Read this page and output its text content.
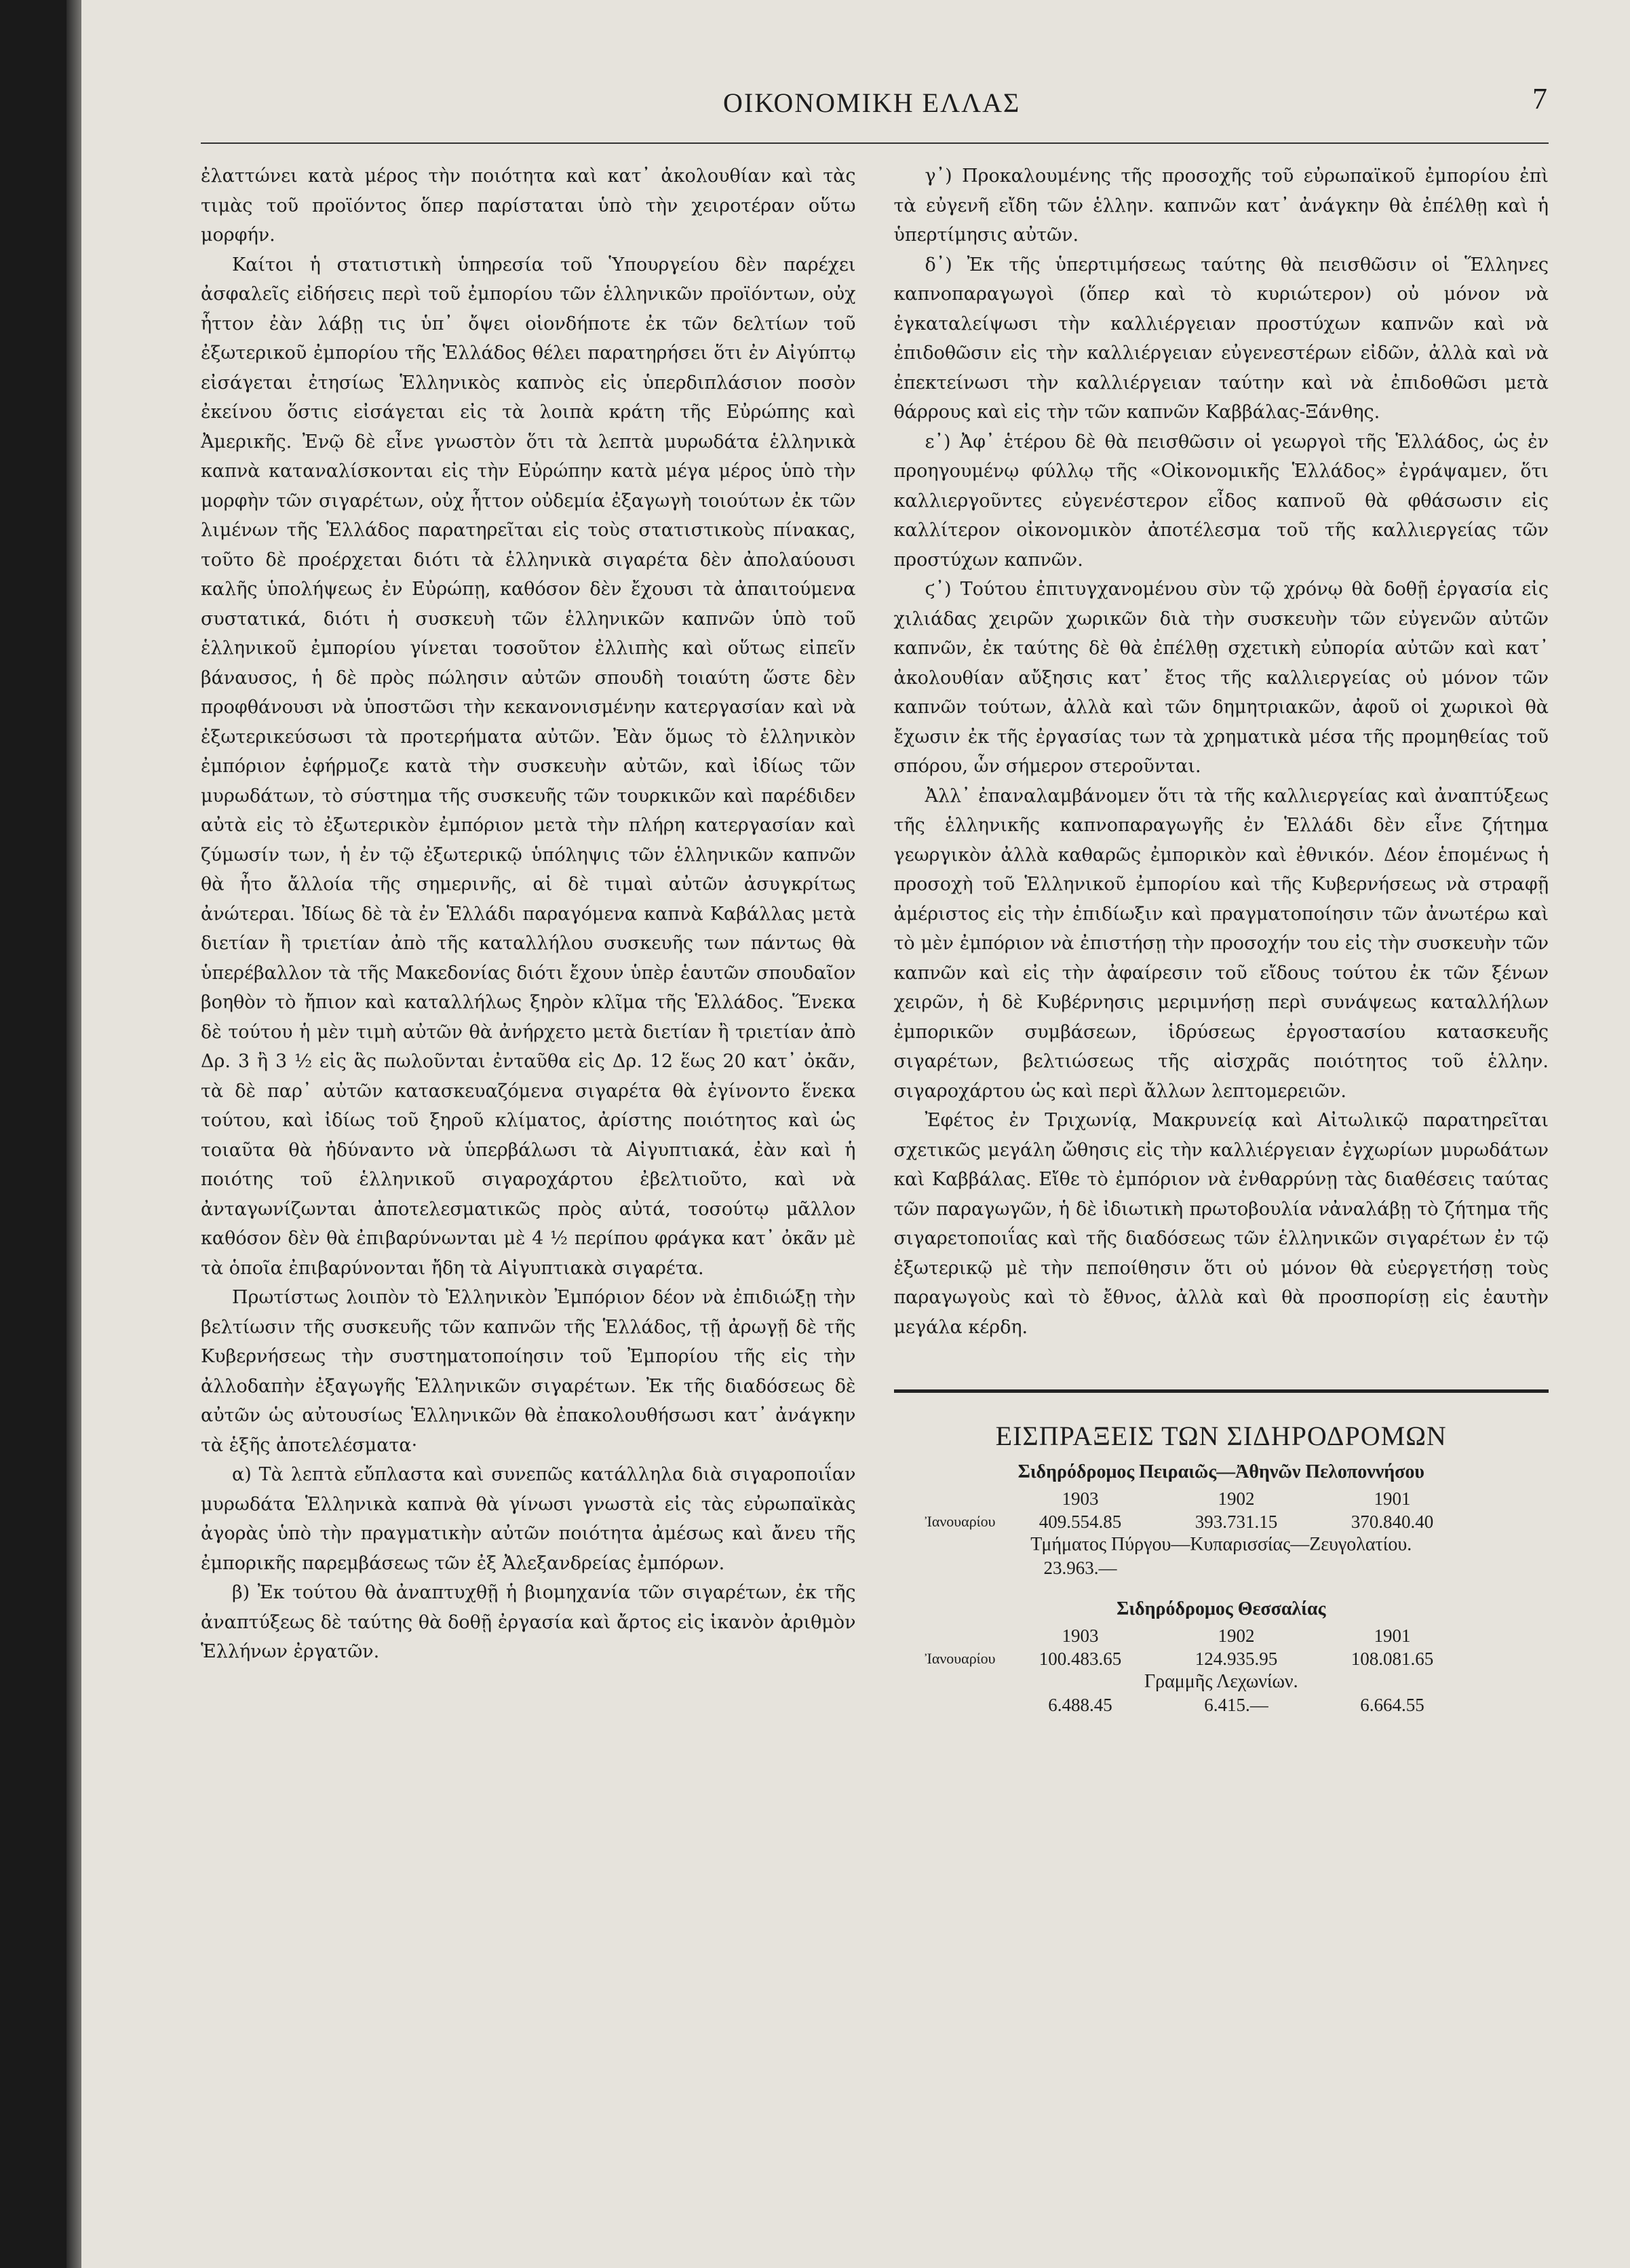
ΟΙΚΟΝΟΜΙΚΗ ΕΛΛΑΣ	7

ἐλαττώνει κατὰ μέρος τὴν ποιότητα καὶ κατ᾽ ἀκολουθίαν καὶ τὰς τιμὰς τοῦ προϊόντος ὅπερ παρίσταται ὑπὸ τὴν χειροτέραν οὕτω μορφήν.

Καίτοι ἡ στατιστικὴ ὑπηρεσία τοῦ Ὑπουργείου δὲν παρέχει ἀσφαλεῖς εἰδήσεις περὶ τοῦ ἐμπορίου τῶν ἑλληνικῶν προϊόντων, οὐχ ἧττον ἐὰν λάβῃ τις ὑπ᾽ ὄψει οἱονδήποτε ἐκ τῶν δελτίων τοῦ ἐξωτερικοῦ ἐμπορίου τῆς Ἑλλάδος θέλει παρατηρήσει ὅτι ἐν Αἰγύπτῳ εἰσάγεται ἐτησίως Ἑλληνικὸς καπνὸς εἰς ὑπερδιπλάσιον ποσὸν ἐκείνου ὅστις εἰσάγεται εἰς τὰ λοιπὰ κράτη τῆς Εὐρώπης καὶ Ἀμερικῆς. Ἐνῷ δὲ εἶνε γνωστὸν ὅτι τὰ λεπτὰ μυρωδάτα ἑλληνικὰ καπνὰ καταναλίσκονται εἰς τὴν Εὐρώπην κατὰ μέγα μέρος ὑπὸ τὴν μορφὴν τῶν σιγαρέτων, οὐχ ἧττον οὐδεμία ἐξαγωγὴ τοιούτων ἐκ τῶν λιμένων τῆς Ἑλλάδος παρατηρεῖται εἰς τοὺς στατιστικοὺς πίνακας, τοῦτο δὲ προέρχεται διότι τὰ ἑλληνικὰ σιγαρέτα δὲν ἀπολαύουσι καλῆς ὑπολήψεως ἐν Εὐρώπῃ, καθόσον δὲν ἔχουσι τὰ ἀπαιτούμενα συστατικά, διότι ἡ συσκευὴ τῶν ἑλληνικῶν καπνῶν ὑπὸ τοῦ ἑλληνικοῦ ἐμπορίου γίνεται τοσοῦτον ἐλλιπὴς καὶ οὕτως εἰπεῖν βάναυσος, ἡ δὲ πρὸς πώλησιν αὐτῶν σπουδὴ τοιαύτη ὥστε δὲν προφθάνουσι νὰ ὑποστῶσι τὴν κεκανονισμένην κατεργασίαν καὶ νὰ ἐξωτερικεύσωσι τὰ προτερήματα αὐτῶν. Ἐὰν ὅμως τὸ ἑλληνικὸν ἐμπόριον ἐφήρμοζε κατὰ τὴν συσκευὴν αὐτῶν, καὶ ἰδίως τῶν μυρωδάτων, τὸ σύστημα τῆς συσκευῆς τῶν τουρκικῶν καὶ παρέδιδεν αὐτὰ εἰς τὸ ἐξωτερικὸν ἐμπόριον μετὰ τὴν πλήρη κατεργασίαν καὶ ζύμωσίν των, ἡ ἐν τῷ ἐξωτερικῷ ὑπόληψις τῶν ἑλληνικῶν καπνῶν θὰ ἦτο ἄλλοία τῆς σημερινῆς, αἱ δὲ τιμαὶ αὐτῶν ἀσυγκρίτως ἀνώτεραι. Ἰδίως δὲ τὰ ἐν Ἑλλάδι παραγόμενα καπνὰ Καβάλλας μετὰ διετίαν ἢ τριετίαν ἀπὸ τῆς καταλλήλου συσκευῆς των πάντως θὰ ὑπερέβαλλον τὰ τῆς Μακεδονίας διότι ἔχουν ὑπὲρ ἑαυτῶν σπουδαῖον βοηθὸν τὸ ἤπιον καὶ καταλλήλως ξηρὸν κλῖμα τῆς Ἑλλάδος. Ἕνεκα δὲ τούτου ἡ μὲν τιμὴ αὐτῶν θὰ ἀνήρχετο μετὰ διετίαν ἢ τριετίαν ἀπὸ Δρ. 3 ἢ 3 ½ εἰς ἃς πωλοῦνται ἐνταῦθα εἰς Δρ. 12 ἕως 20 κατ᾽ ὀκᾶν, τὰ δὲ παρ᾽ αὐτῶν κατασκευαζόμενα σιγαρέτα θὰ ἐγίνοντο ἕνεκα τούτου, καὶ ἰδίως τοῦ ξηροῦ κλίματος, ἀρίστης ποιότητος καὶ ὡς τοιαῦτα θὰ ἠδύναντο νὰ ὑπερβάλωσι τὰ Αἰγυπτιακά, ἐὰν καὶ ἡ ποιότης τοῦ ἑλληνικοῦ σιγαροχάρτου ἐβελτιοῦτο, καὶ νὰ ἀνταγωνίζωνται ἀποτελεσματικῶς πρὸς αὐτά, τοσούτῳ μᾶλλον καθόσον δὲν θὰ ἐπιβαρύνωνται μὲ 4 ½ περίπου φράγκα κατ᾽ ὀκᾶν μὲ τὰ ὁποῖα ἐπιβαρύνονται ἤδη τὰ Αἰγυπτιακὰ σιγαρέτα.

Πρωτίστως λοιπὸν τὸ Ἑλληνικὸν Ἐμπόριον δέον νὰ ἐπιδιώξῃ τὴν βελτίωσιν τῆς συσκευῆς τῶν καπνῶν τῆς Ἑλλάδος, τῇ ἀρωγῇ δὲ τῆς Κυβερνήσεως τὴν συστηματοποίησιν τοῦ Ἐμπορίου τῆς εἰς τὴν ἀλλοδαπὴν ἐξαγωγῆς Ἑλληνικῶν σιγαρέτων. Ἐκ τῆς διαδόσεως δὲ αὐτῶν ὡς αὐτουσίως Ἑλληνικῶν θὰ ἐπακολουθήσωσι κατ᾽ ἀνάγκην τὰ ἑξῆς ἀποτελέσματα·

α) Τὰ λεπτὰ εὔπλαστα καὶ συνεπῶς κατάλληλα διὰ σιγαροποιΐαν μυρωδάτα Ἑλληνικὰ καπνὰ θὰ γίνωσι γνωστὰ εἰς τὰς εὐρωπαϊκὰς ἀγορὰς ὑπὸ τὴν πραγματικὴν αὐτῶν ποιότητα ἀμέσως καὶ ἄνευ τῆς ἐμπορικῆς παρεμβάσεως τῶν ἐξ Ἀλεξανδρείας ἐμπόρων.

β) Ἐκ τούτου θὰ ἀναπτυχθῇ ἡ βιομηχανία τῶν σιγαρέτων, ἐκ τῆς ἀναπτύξεως δὲ ταύτης θὰ δοθῇ ἐργασία καὶ ἄρτος εἰς ἱκανὸν ἀριθμὸν Ἑλλήνων ἐργατῶν.

γ᾽) Προκαλουμένης τῆς προσοχῆς τοῦ εὐρωπαϊκοῦ ἐμπορίου ἐπὶ τὰ εὐγενῆ εἴδη τῶν ἑλλην. καπνῶν κατ᾽ ἀνάγκην θὰ ἐπέλθῃ καὶ ἡ ὑπερτίμησις αὐτῶν.

δ᾽) Ἐκ τῆς ὑπερτιμήσεως ταύτης θὰ πεισθῶσιν οἱ Ἕλληνες καπνοπαραγωγοὶ (ὅπερ καὶ τὸ κυριώτερον) οὐ μόνον νὰ ἐγκαταλείψωσι τὴν καλλιέργειαν προστύχων καπνῶν καὶ νὰ ἐπιδοθῶσιν εἰς τὴν καλλιέργειαν εὐγενεστέρων εἰδῶν, ἀλλὰ καὶ νὰ ἐπεκτείνωσι τὴν καλλιέργειαν ταύτην καὶ νὰ ἐπιδοθῶσι μετὰ θάρρους καὶ εἰς τὴν τῶν καπνῶν Καββάλας-Ξάνθης.

ε᾽) Ἀφ᾽ ἑτέρου δὲ θὰ πεισθῶσιν οἱ γεωργοὶ τῆς Ἑλλάδος, ὡς ἐν προηγουμένῳ φύλλῳ τῆς «Οἰκονομικῆς Ἑλλάδος» ἐγράψαμεν, ὅτι καλλιεργοῦντες εὐγενέστερον εἶδος καπνοῦ θὰ φθάσωσιν εἰς καλλίτερον οἰκονομικὸν ἀποτέλεσμα τοῦ τῆς καλλιεργείας τῶν προστύχων καπνῶν.

ϛ᾽) Τούτου ἐπιτυγχανομένου σὺν τῷ χρόνῳ θὰ δοθῇ ἐργασία εἰς χιλιάδας χειρῶν χωρικῶν διὰ τὴν συσκευὴν τῶν εὐγενῶν αὐτῶν καπνῶν, ἐκ ταύτης δὲ θὰ ἐπέλθῃ σχετικὴ εὐπορία αὐτῶν καὶ κατ᾽ ἀκολουθίαν αὔξησις κατ᾽ ἔτος τῆς καλλιεργείας οὐ μόνον τῶν καπνῶν τούτων, ἀλλὰ καὶ τῶν δημητριακῶν, ἀφοῦ οἱ χωρικοὶ θὰ ἔχωσιν ἐκ τῆς ἐργασίας των τὰ χρηματικὰ μέσα τῆς προμηθείας τοῦ σπόρου, ὧν σήμερον στεροῦνται.

Ἀλλ᾽ ἐπαναλαμβάνομεν ὅτι τὰ τῆς καλλιεργείας καὶ ἀναπτύξεως τῆς ἑλληνικῆς καπνοπαραγωγῆς ἐν Ἑλλάδι δὲν εἶνε ζήτημα γεωργικὸν ἀλλὰ καθαρῶς ἐμπορικὸν καὶ ἐθνικόν. Δέον ἑπομένως ἡ προσοχὴ τοῦ Ἑλληνικοῦ ἐμπορίου καὶ τῆς Κυβερνήσεως νὰ στραφῇ ἀμέριστος εἰς τὴν ἐπιδίωξιν καὶ πραγματοποίησιν τῶν ἀνωτέρω καὶ τὸ μὲν ἐμπόριον νὰ ἐπιστήσῃ τὴν προσοχήν του εἰς τὴν συσκευὴν τῶν καπνῶν καὶ εἰς τὴν ἀφαίρεσιν τοῦ εἴδους τούτου ἐκ τῶν ξένων χειρῶν, ἡ δὲ Κυβέρνησις μεριμνήσῃ περὶ συνάψεως καταλλήλων ἐμπορικῶν συμβάσεων, ἱδρύσεως ἐργοστασίου κατασκευῆς σιγαρέτων, βελτιώσεως τῆς αἰσχρᾶς ποιότητος τοῦ ἑλλην. σιγαροχάρτου ὡς καὶ περὶ ἄλλων λεπτομερειῶν.

Ἐφέτος ἐν Τριχωνίᾳ, Μακρυνείᾳ καὶ Αἰτωλικῷ παρατηρεῖται σχετικῶς μεγάλη ὤθησις εἰς τὴν καλλιέργειαν ἐγχωρίων μυρωδάτων καὶ Καββάλας. Εἴθε τὸ ἐμπόριον νὰ ἐνθαρρύνῃ τὰς διαθέσεις ταύτας τῶν παραγωγῶν, ἡ δὲ ἰδιωτικὴ πρωτοβουλία νἀναλάβῃ τὸ ζήτημα τῆς σιγαρετοποιΐας καὶ τῆς διαδόσεως τῶν ἑλληνικῶν σιγαρέτων ἐν τῷ ἐξωτερικῷ μὲ τὴν πεποίθησιν ὅτι οὐ μόνον θὰ εὐεργετήσῃ τοὺς παραγωγοὺς καὶ τὸ ἔθνος, ἀλλὰ καὶ θὰ προσπορίσῃ εἰς ἑαυτὴν μεγάλα κέρδη.

ΕΙΣΠΡΑΞΕΙΣ ΤΩΝ ΣΙΔΗΡΟΔΡΟΜΩΝ
Σιδηρόδρομος Πειραιῶς—Ἀθηνῶν Πελοποννήσου
1903	1902	1901
Ἰανουαρίου	409.554.85	393.731.15	370.840.40
Τμήματος Πύργου—Κυπαρισσίας—Ζευγολατίου.
23.963.—
Σιδηρόδρομος Θεσσαλίας
1903	1902	1901
Ἰανουαρίου	100.483.65	124.935.95	108.081.65
Γραμμῆς Λεχωνίων.
6.488.45	6.415.—	6.664.55
